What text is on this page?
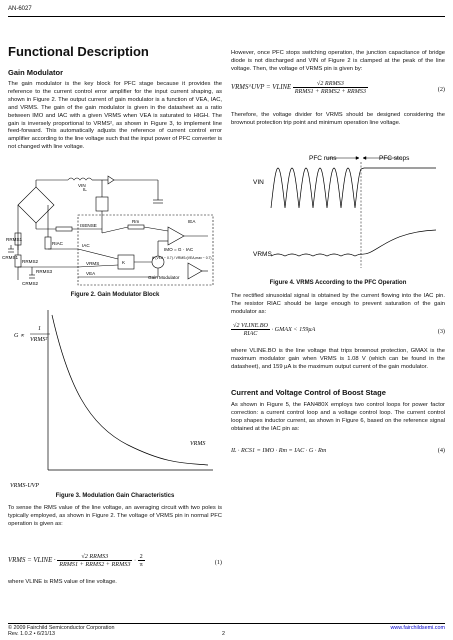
AN-6027
Functional Description
Gain Modulator
The gain modulator is the key block for PFC stage because it provides the reference to the current control error amplifier for the input current shaping, as shown in Figure 2. The output current of gain modulator is a function of VEA, IAC, and VRMS. The gain of the gain modulator is given in the datasheet as a ratio between IMO and IAC with a given VRMS when VEA is saturated to HIGH. The gain is inversely proportional to VRMS², as shown in Figure 3, to implement line feed-forward. This automatically adjusts the reference of current control error amplifier according to the line voltage such that the input power of PFC converter is not changed with line voltage.
VIN
IL
ISENSE
RRMS1
RRMS2
RRMS3
CRMS1
CRMS2
RIAC	IAC
VRMS
VEA
IEA
Rm
IMO = G · IAC
K·(VEA − 0.7) / VRMS²(VEA,max − 0.7)
Gain Modulator
K
Figure 2. Gain Modulator Block
G ∝
1
VRMS²
VRMS
VRMS-UVP
Figure 3. Modulation Gain Characteristics
To sense the RMS value of the line voltage, an averaging circuit with two poles is typically employed, as shown in Figure 2. The voltage of VRMS pin in normal PFC operation is given as:
VRMS = VLINE · $\frac{\text{√2 RRMS3}}{\text{RRMS1 + RRMS2 + RRMS3}} \cdot \frac{2}{\pi}$	(1)
where VLINE is RMS value of line voltage.
However, once PFC stops switching operation, the junction capacitance of bridge diode is not discharged and VIN of Figure 2 is clamped at the peak of the line voltage. Then, the voltage of VRMS pin is given by:
VRMS^UVP = VLINE $\frac{\text{√2 RRMS3}}{\text{RRMS1 + RRMS2 + RRMS3}}$	(2)
Therefore, the voltage divider for VRMS should be designed considering the brownout protection trip point and minimum operation line voltage.
PFC runs	PFC stops
VIN
VRMS
Figure 4. VRMS According to the PFC Operation
The rectified sinusoidal signal is obtained by the current flowing into the IAC pin. The resistor RIAC should be large enough to prevent saturation of the gain modulator as:
$\frac{\text{√2 VLINE.BO}}{\text{RIAC}}$ · GMAX < 159μA	(3)
where VLINE.BO is the line voltage that trips brownout protection, GMAX is the maximum modulator gain when VRMS is 1.08 V (which can be found in the datasheet), and 159 μA is the maximum output current of the gain modulator.
Current and Voltage Control of Boost Stage
As shown in Figure 5, the FAN480X employs two control loops for power factor correction: a current control loop and a voltage control loop. The current control loop shapes inductor current, as shown in Figure 6, based on the reference signal obtained at the IAC pin as:
IL · RCS1 = IMO · Rm = IAC · G · Rm	(4)
© 2009 Fairchild Semiconductor Corporation
Rev. 1.0.2 • 6/21/13	2
www.fairchildsemi.com
